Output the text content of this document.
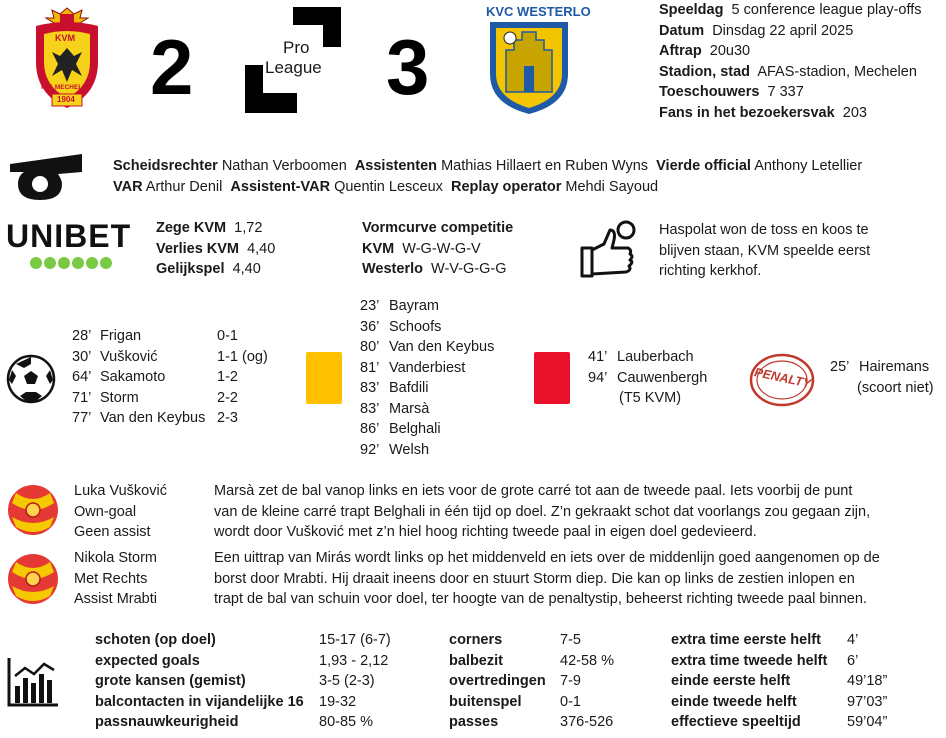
KVM
K.V. MECHELEN
1904 2	Pro
League 3
KVC WESTERLO	Speeldag 5 conference league play-offs
Datum Dinsdag 22 april 2025
Aftrap 20u30
Stadion, stad AFAS-stadion, Mechelen
Toeschouwers 7 337
Fans in het bezoekersvak 203
Scheidsrechter Nathan Verboomen Assistenten Mathias Hillaert en Ruben Wyns Vierde official Anthony Letellier
VAR Arthur Denil Assistent-VAR Quentin Lesceux Replay operator Mehdi Sayoud
UNIBET Zege KVM 1,72
Verlies KVM 4,40
Gelijkspel 4,40
Vormcurve competitie
KVM W-G-W-G-V
Westerlo W-V-G-G-G
Haspolat won de toss en koos te
blijven staan, KVM speelde eerst
richting kerkhof.
28’ Frigan	0-1
30’ Vušković	1-1 (og)
64’ Sakamoto	1-2
71’ Storm	2-2
77’ Van den Keybus 2-3
23’ Bayram
36’ Schoofs
80’ Van den Keybus
81’ Vanderbiest
83’ Bafdili
83’ Marsà
86’ Belghali
92’ Welsh
41’ Lauberbach
94’ Cauwenbergh
(T5 KVM)
PENALTY 25’ Hairemans
(scoort niet)
Luka Vušković
Own-goal
Geen assist
Marsà zet de bal vanop links en iets voor de grote carré tot aan de tweede paal. Iets voorbij de punt
van de kleine carré trapt Belghali in één tijd op doel. Z’n gekraakt schot dat voorlangs zou gegaan zijn,
wordt door Vušković met z’n hiel hoog richting tweede paal in eigen doel gedevieerd.
Nikola Storm
Met Rechts
Assist Mrabti
Een uittrap van Mirás wordt links op het middenveld en iets over de middenlijn goed aangenomen op de
borst door Mrabti. Hij draait ineens door en stuurt Storm diep. Die kan op links de zestien inlopen en
trapt de bal van schuin voor doel, ter hoogte van de penaltystip, beheerst richting tweede paal binnen.
schoten (op doel)	15-17 (6-7)
expected goals	1,93 - 2,12
grote kansen (gemist)	3-5 (2-3)
balcontacten in vijandelijke 16 19-32
passnauwkeurigheid	80-85 %
corners	7-5
balbezit	42-58 %
overtredingen 7-9
buitenspel	0-1
passes	376-526
extra time eerste helft 4’
extra time tweede helft 6’
einde eerste helft	49’18”
einde tweede helft	97’03”
effectieve speeltijd	59’04”
